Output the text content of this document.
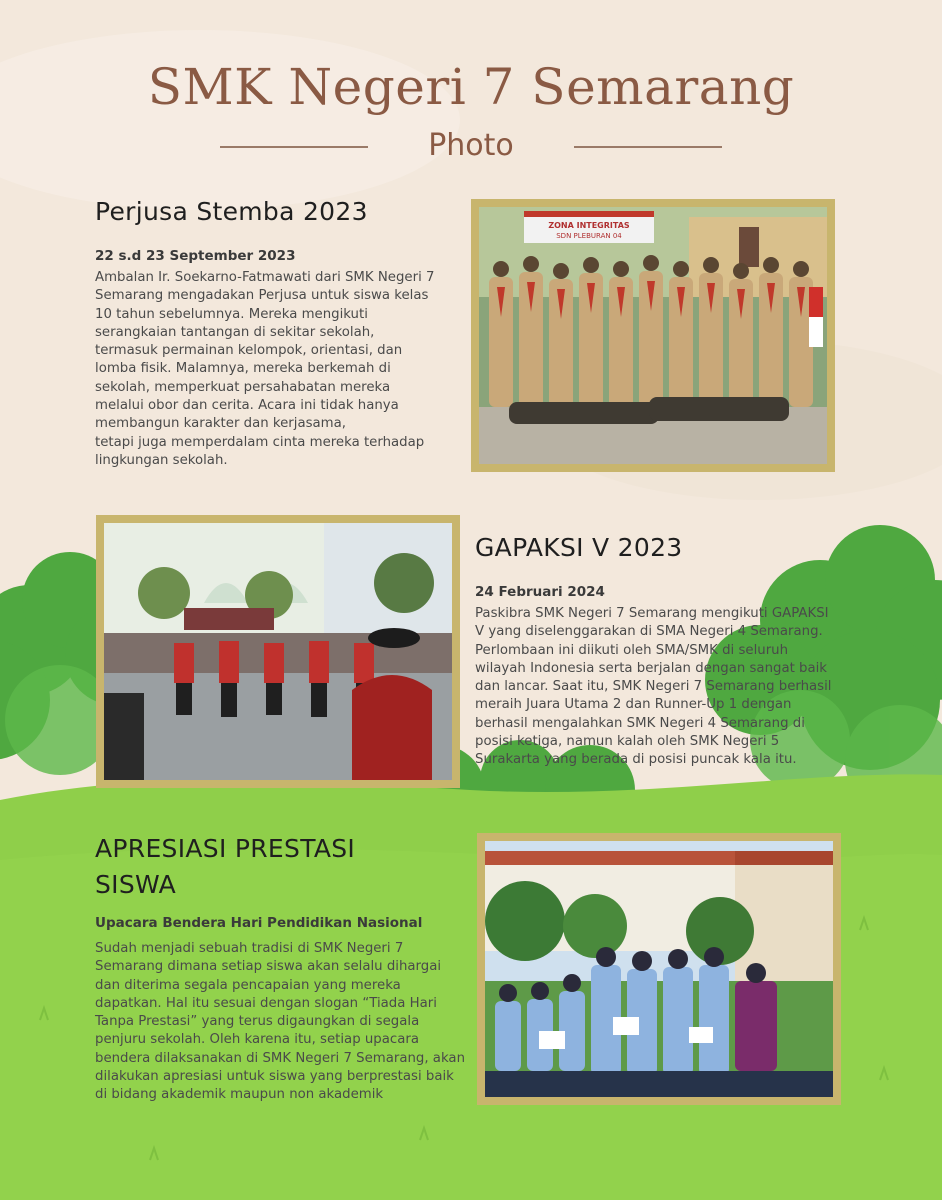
SMK Negeri 7 Semarang
Photo
Perjusa Stemba 2023
22 s.d 23 September 2023
Ambalan Ir. Soekarno-Fatmawati dari SMK Negeri 7
Semarang mengadakan Perjusa untuk siswa kelas
10 tahun sebelumnya. Mereka mengikuti
serangkaian tantangan di sekitar sekolah,
termasuk permainan kelompok, orientasi, dan
lomba fisik. Malamnya, mereka berkemah di
sekolah, memperkuat persahabatan mereka
melalui obor dan cerita. Acara ini tidak hanya
membangun karakter dan kerjasama,
tetapi juga memperdalam cinta mereka terhadap
lingkungan sekolah.
ZONA INTEGRITAS
SDN PLEBURAN 04
GAPAKSI V 2023
24 Februari 2024
Paskibra SMK Negeri 7 Semarang mengikuti GAPAKSI
V yang diselenggarakan di SMA Negeri 4 Semarang.
Perlombaan ini diikuti oleh SMA/SMK di seluruh
wilayah Indonesia serta berjalan dengan sangat baik
dan lancar. Saat itu, SMK Negeri 7 Semarang berhasil
meraih Juara Utama 2 dan Runner-Up 1 dengan
berhasil mengalahkan SMK Negeri 4 Semarang di
posisi ketiga, namun kalah oleh SMK Negeri 5
Surakarta yang berada di posisi puncak kala itu.
APRESIASI PRESTASI
SISWA
Upacara Bendera Hari Pendidikan Nasional
Sudah menjadi sebuah tradisi di SMK Negeri 7
Semarang dimana setiap siswa akan selalu dihargai
dan diterima segala pencapaian yang mereka
dapatkan. Hal itu sesuai dengan slogan “Tiada Hari
Tanpa Prestasi” yang terus digaungkan di segala
penjuru sekolah. Oleh karena itu, setiap upacara
bendera dilaksanakan di SMK Negeri 7 Semarang, akan
dilakukan apresiasi untuk siswa yang berprestasi baik
di bidang akademik maupun non akademik
